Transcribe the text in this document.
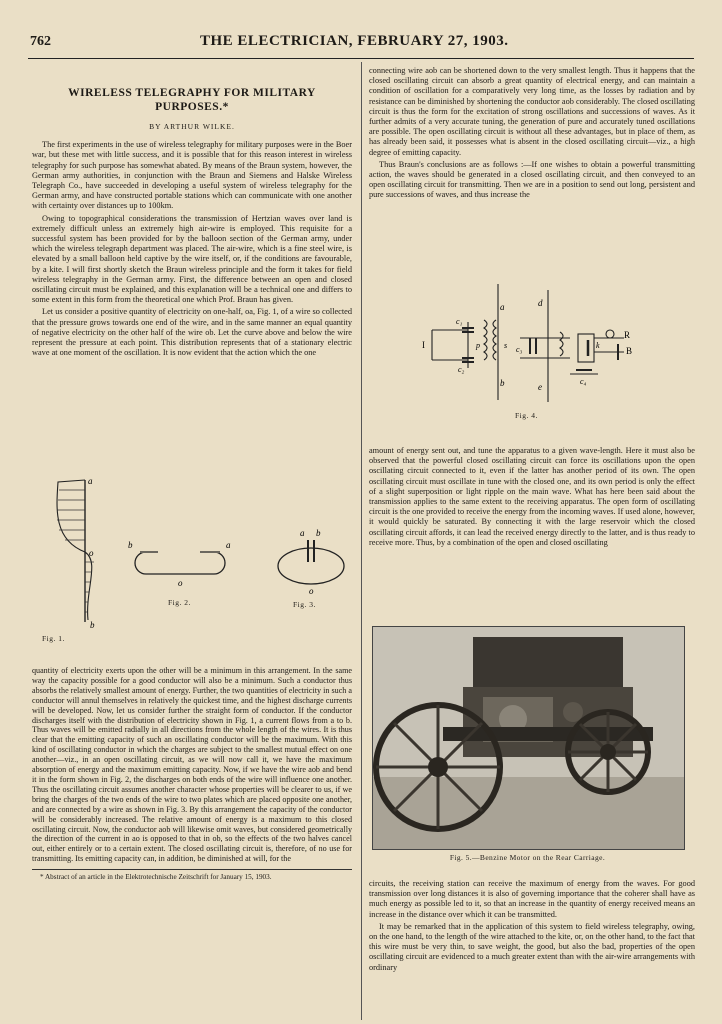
762	THE ELECTRICIAN, FEBRUARY 27, 1903.
WIRELESS TELEGRAPHY FOR MILITARY PURPOSES.*
BY ARTHUR WILKE.

The first experiments in the use of wireless telegraphy for military purposes were in the Boer war, but these met with little success, and it is possible that for this reason interest in wireless telegraphy for such purpose has somewhat abated. By means of the Braun system, however, the German army authorities, in conjunction with the Braun and Siemens and Halske Wireless Telegraph Co., have succeeded in developing a useful system of wireless telegraphy for the German army, and have constructed portable stations which can communicate with one another with certainty over distances up to 100km.

Owing to topographical considerations the transmission of Hertzian waves over land is extremely difficult unless an extremely high air-wire is employed. This requisite for a successful system has been provided for by the balloon section of the German army, under which the wireless telegraph department was placed. The air-wire, which is a fine steel wire, is elevated by a small balloon held captive by the wire itself, or, if the conditions are favourable, by a kite. I will first shortly sketch the Braun wireless principle and the form it takes for field wireless telegraphy in the German army. First, the difference between an open and closed oscillating circuit must be explained, and this explanation will be a technical one and differs to some extent in this form from the theoretical one which Prof. Braun has given.

Let us consider a positive quantity of electricity on one-half, oa, Fig. 1, of a wire so collected that the pressure grows towards one end of the wire, and in the same manner an equal quantity of negative electricity on the other half of the wire ob. Let the curve above and below the wire represent the pressure at each point. This distribution represents that of a stationary electric wave at one moment of the oscillation. It is now evident that the action which the one

a
o
b
b	a
o
a b
o
Fig. 1.
Fig. 2.	Fig. 3.

quantity of electricity exerts upon the other will be a minimum in this arrangement. In the same way the capacity possible for a good conductor will also be a minimum. Such a conductor thus absorbs the relatively smallest amount of energy. Further, the two quantities of electricity in such a conductor will annul themselves in relatively the quickest time, and the highest discharge currents will be developed. Now, let us consider further the straight form of conductor. If the conductor discharges itself with the distribution of electricity shown in Fig. 1, a current flows from a to b. Thus waves will be emitted radially in all directions from the whole length of the wires. It is thus clear that the emitting capacity of such an oscillating conductor will be the maximum. With this kind of oscillating conductor in which the charges are subject to the smallest mutual effect on one another—viz., in an open oscillating circuit, as we will now call it, we have the maximum absorption of energy and the maximum emitting capacity. Now, if we have the wire aob and bend it in the form shown in Fig. 2, the discharges on both ends of the wire will influence one another. Thus the oscillating circuit assumes another character whose properties will be clearer to us, if we bring the charges of the two ends of the wire to two plates which are placed opposite one another, and are connected by a wire as shown in Fig. 3. By this arrangement the capacity of the conductor will be considerably increased. The relative amount of energy is a maximum to this closed oscillating circuit. Now, the conductor aob will likewise omit waves, but considered geometrically the direction of the current in ao is opposed to that in ob, so the effects of the two halves cancel out, either entirely or to a certain extent. The closed oscillating circuit is, therefore, of no use for transmitting. Its emitting capacity can, in addition, be diminished at will, for the

* Abstract of an article in the Elektrotechnische Zeitschrift for January 15, 1903.

connecting wire aob can be shortened down to the very smallest length. Thus it happens that the closed oscillating circuit can absorb a great quantity of electrical energy, and can maintain a condition of oscillation for a comparatively very long time, as the losses by radiation and by resistance can be diminished by shortening the conductor aob considerably. The closed oscillating circuit is thus the form for the excitation of strong oscillations and successions of waves. As it further admits of a very accurate tuning, the generation of pure and accurately tuned oscillations are possible. The open oscillating circuit is without all these advantages, but in place of them, as has already been said, it possesses what is absent in the closed oscillating circuit—viz., a high degree of emitting capacity.

Thus Braun's conclusions are as follows :—If one wishes to obtain a powerful transmitting action, the waves should be generated in a closed oscillating circuit, and then conveyed to an open oscillating circuit for transmitting. Then we are in a position to send out long, persistent and pure successions of waves, and thus increase the

a	d
I
c₁
c₂
p	s
b	e
c₃
c₄
k
R
B
Fig. 4.

amount of energy sent out, and tune the apparatus to a given wave-length. Here it must also be observed that the powerful closed oscillating circuit can force its oscillations upon the open oscillating circuit connected to it, even if the latter has another period of its own. The open oscillating circuit must oscillate in tune with the closed one, and its own period is only the effect of a slight superposition or light ripple on the main wave. What has here been said about the transmission applies to the same extent to the receiving apparatus. The open form of oscillating circuit is the one provided to receive the energy from the incoming waves. If used alone, however, it would quickly be saturated. By connecting it with the large reservoir which the closed oscillating circuit affords, it can lead the received energy directly to the latter, and is thus ready to receive more. Thus, by a combination of the open and closed oscillating

Fig. 5.—Benzine Motor on the Rear Carriage.

circuits, the receiving station can receive the maximum of energy from the waves. For good transmission over long distances it is also of governing importance that the coherer shall have as much energy as possible led to it, so that an increase in the quantity of energy received means an increase in the distance over which it can be transmitted.

It may be remarked that in the application of this system to field wireless telegraphy, owing, on the one hand, to the length of the wire attached to the kite, or, on the other hand, to the fact that this wire must be very thin, to save weight, the good, but also the bad, properties of the open oscillating circuit are evidenced to a much greater extent than with the air-wire arrangements with ordinary
